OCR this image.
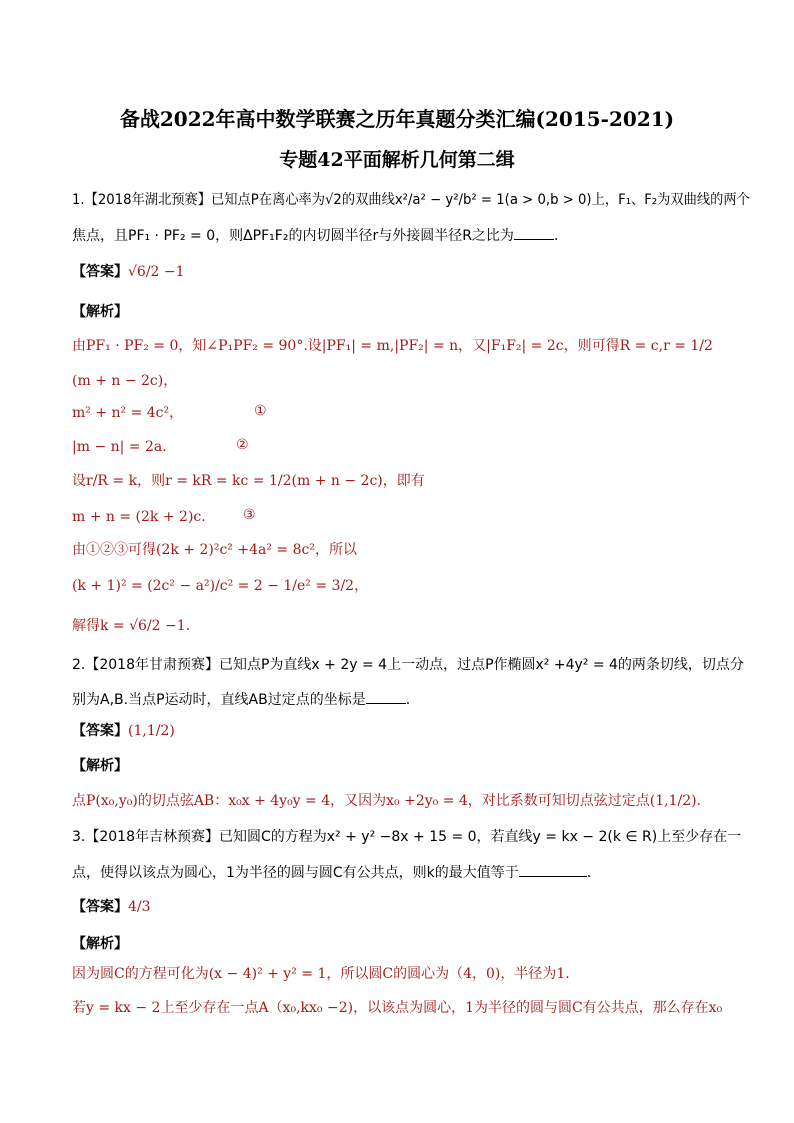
备战2022年高中数学联赛之历年真题分类汇编(2015-2021)
专题42平面解析几何第二缉
1.【2018年湖北预赛】已知点P在离心率为√2的双曲线x²/a² − y²/b² = 1(a > 0,b > 0)上，F₁、F₂为双曲线的两个
焦点，且PF₁ · PF₂ = 0，则ΔPF₁F₂的内切圆半径r与外接圆半径R之比为	.
【答案】√6/2 −1
【解析】
由PF₁ · PF₂ = 0，知∠P₁PF₂ = 90°.设|PF₁| = m,|PF₂| = n，又|F₁F₂| = 2c，则可得R = c,r = 1/2
(m + n − 2c)，
m² + n² = 4c²，	①
|m − n| = 2a.	②
设r/R = k，则r = kR = kc = 1/2(m + n − 2c)，即有
m + n = (2k + 2)c.	③
由①②③可得(2k + 2)²c² +4a² = 8c²，所以
(k + 1)² = (2c² − a²)/c² = 2 − 1/e² = 3/2，
解得k = √6/2 −1.
2.【2018年甘肃预赛】已知点P为直线x + 2y = 4上一动点，过点P作椭圆x² +4y² = 4的两条切线，切点分
别为A,B.当点P运动时，直线AB过定点的坐标是	.
【答案】(1,1/2)
【解析】
点P(x₀,y₀)的切点弦AB：x₀x + 4y₀y = 4，又因为x₀ +2y₀ = 4，对比系数可知切点弦过定点(1,1/2).
3.【2018年吉林预赛】已知圆C的方程为x² + y² −8x + 15 = 0，若直线y = kx − 2(k ∈ R)上至少存在一
点，使得以该点为圆心，1为半径的圆与圆C有公共点，则k的最大值等于	.
【答案】4/3
【解析】
因为圆C的方程可化为(x − 4)² + y² = 1，所以圆C的圆心为（4，0)，半径为1.
若y = kx − 2上至少存在一点A（x₀,kx₀ −2)，以该点为圆心，1为半径的圆与圆C有公共点，那么存在x₀
